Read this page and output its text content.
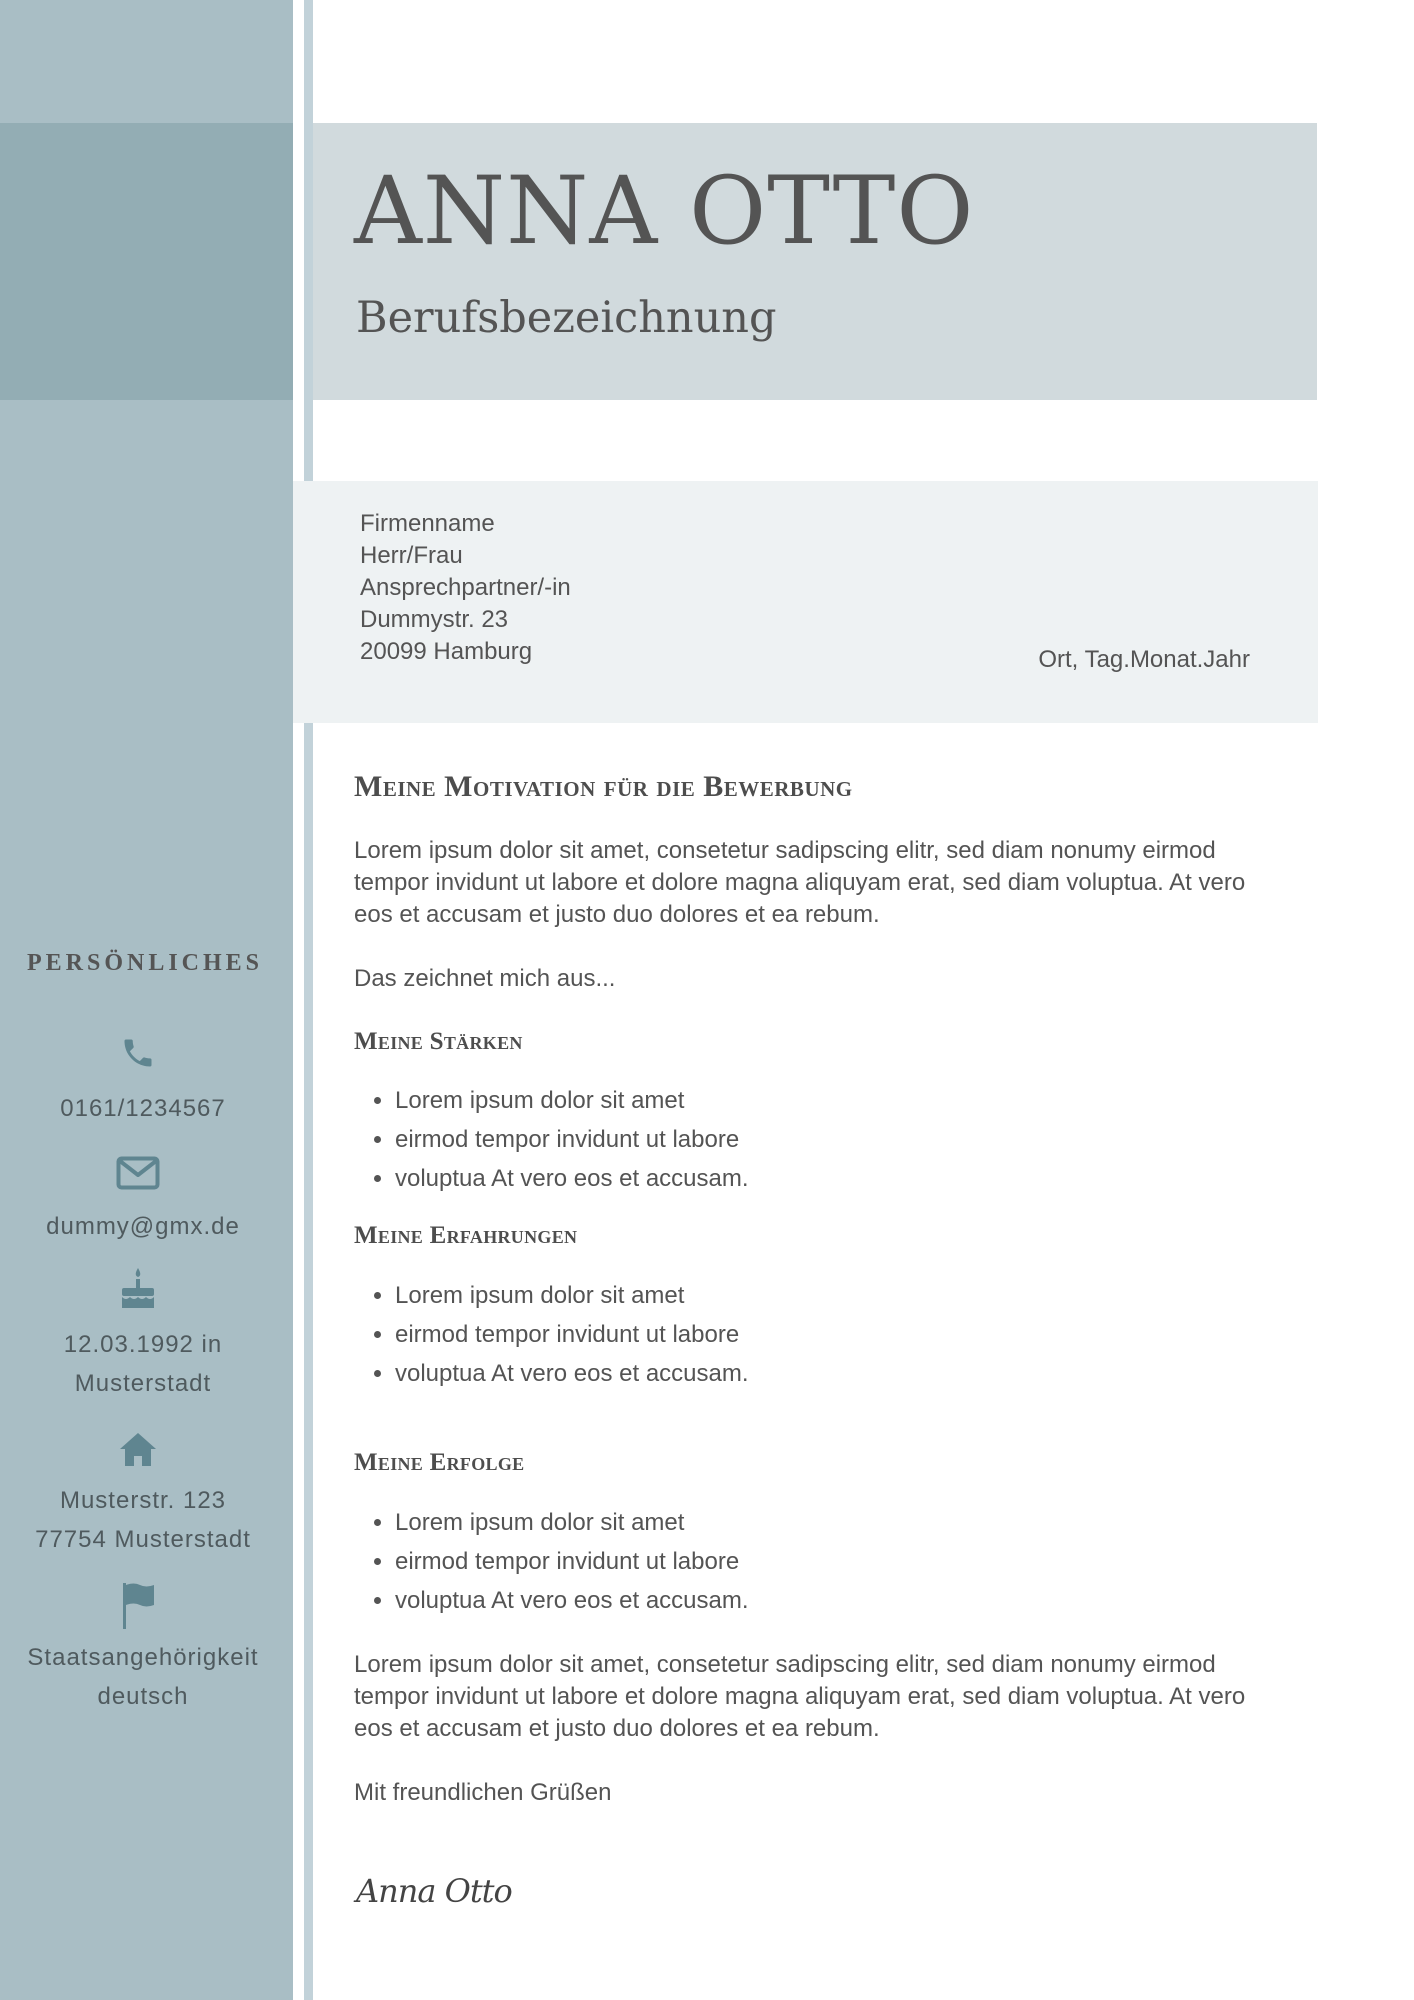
ANNA OTTO
Berufsbezeichnung
Firmenname
Herr/Frau
Ansprechpartner/-in
Dummystr. 23
20099 Hamburg	Ort, Tag.Monat.Jahr
Meine Motivation für die Bewerbung

Lorem ipsum dolor sit amet, consetetur sadipscing elitr, sed diam nonumy eirmod tempor invidunt ut labore et dolore magna aliquyam erat, sed diam voluptua. At vero eos et accusam et justo duo dolores et ea rebum.

Das zeichnet mich aus...

Meine Stärken
• Lorem ipsum dolor sit amet
• eirmod tempor invidunt ut labore
• voluptua At vero eos et accusam.
Meine Erfahrungen
• Lorem ipsum dolor sit amet
• eirmod tempor invidunt ut labore
• voluptua At vero eos et accusam.
Meine Erfolge
• Lorem ipsum dolor sit amet
• eirmod tempor invidunt ut labore
• voluptua At vero eos et accusam.

Lorem ipsum dolor sit amet, consetetur sadipscing elitr, sed diam nonumy eirmod tempor invidunt ut labore et dolore magna aliquyam erat, sed diam voluptua. At vero eos et accusam et justo duo dolores et ea rebum.

Mit freundlichen Grüßen

Anna Otto
PERSÖNLICHES
0161/1234567
dummy@gmx.de
12.03.1992 in
Musterstadt
Musterstr. 123
77754 Musterstadt
Staatsangehörigkeit
deutsch
